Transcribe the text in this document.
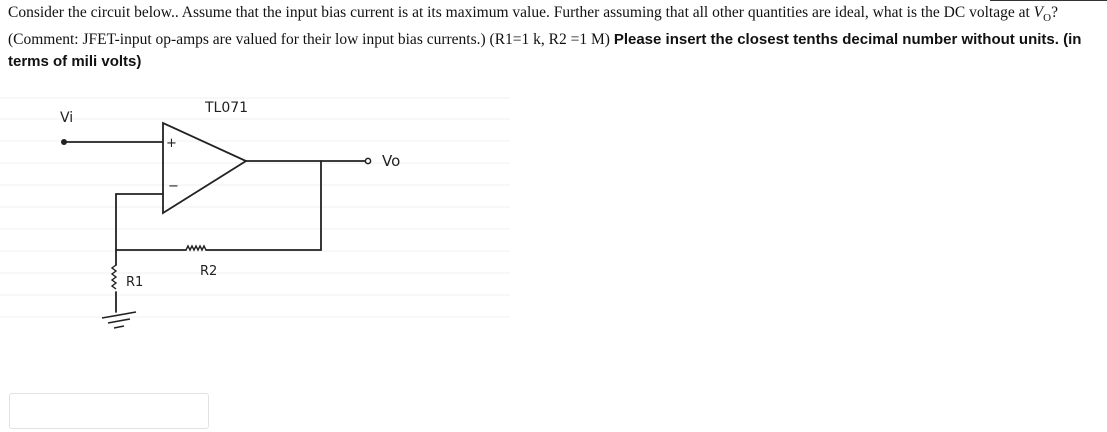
Consider the circuit below.. Assume that the input bias current is at its maximum value. Further assuming that all other quantities are ideal, what is the DC voltage at $V_O$? (Comment: JFET-input op-amps are valued for their low input bias currents.) (R1=1 k, R2 =1 M) Please insert the closest tenths decimal number without units. (in terms of mili volts)
TL071
Vi
Vo
R2
R1
+
−
